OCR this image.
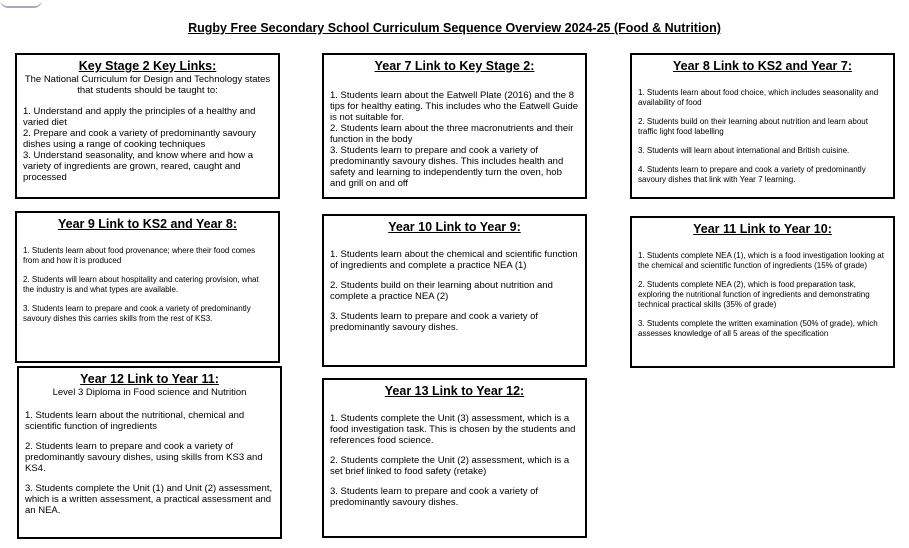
Rugby Free Secondary School Curriculum Sequence Overview 2024-25 (Food & Nutrition)
Key Stage 2 Key Links:
The National Curriculum for Design and Technology states that students should be taught to:

1. Understand and apply the principles of a healthy and varied diet

2. Prepare and cook a variety of predominantly savoury dishes using a range of cooking techniques

3. Understand seasonality, and know where and how a variety of ingredients are grown, reared, caught and processed

Year 7 Link to Key Stage 2:

1. Students learn about the Eatwell Plate (2016) and the 8 tips for healthy eating. This includes who the Eatwell Guide is not suitable for.

2. Students learn about the three macronutrients and their function in the body

3. Students learn to prepare and cook a variety of predominantly savoury dishes. This includes health and safety and learning to independently turn the oven, hob and grill on and off

Year 8 Link to KS2 and Year 7:

1. Students learn about food choice, which includes seasonality and availability of food

2. Students build on their learning about nutrition and learn about traffic light food labelling

3. Students will learn about international and British cuisine.

4. Students learn to prepare and cook a variety of predominantly savoury dishes that link with Year 7 learning.

Year 9 Link to KS2 and Year 8:

1. Students learn about food provenance; where their food comes from and how it is produced

2. Students will learn about hospitality and catering provision, what the industry is and what types are available.

3. Students learn to prepare and cook a variety of predominantly savoury dishes this carries skills from the rest of KS3.

Year 10 Link to Year 9:

1. Students learn about the chemical and scientific function of ingredients and complete a practice NEA (1)

2. Students build on their learning about nutrition and complete a practice NEA (2)

3. Students learn to prepare and cook a variety of predominantly savoury dishes.

Year 11 Link to Year 10:

1. Students complete NEA (1), which is a food investigation looking at the chemical and scientific function of ingredients (15% of grade)

2. Students complete NEA (2), which is food preparation task, exploring the nutritional function of ingredients and demonstrating technical practical skills (35% of grade)

3. Students complete the written examination (50% of grade), which assesses knowledge of all 5 areas of the specification

Year 12 Link to Year 11:
Level 3 Diploma in Food science and Nutrition

1. Students learn about the nutritional, chemical and scientific function of ingredients

2. Students learn to prepare and cook a variety of predominantly savoury dishes, using skills from KS3 and KS4.

3. Students complete the Unit (1) and Unit (2) assessment, which is a written assessment, a practical assessment and an NEA.

Year 13 Link to Year 12:

1. Students complete the Unit (3) assessment, which is a food investigation task. This is chosen by the students and references food science.

2. Students complete the Unit (2) assessment, which is a set brief linked to food safety (retake)

3. Students learn to prepare and cook a variety of predominantly savoury dishes.
